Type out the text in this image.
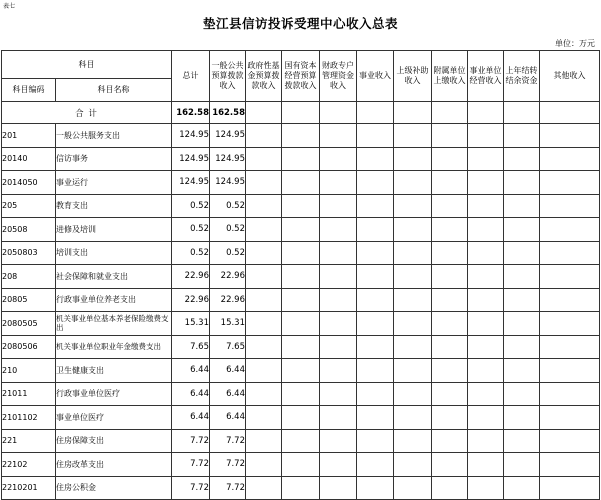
表七
垫江县信访投诉受理中心收入总表
单位：万元
科目		总计	一般公共预算拨款收入	政府性基金预算拨款收入	国有资本经营预算拨款收入	财政专户管理资金收入	事业收入	上级补助收入	附属单位上缴收入	事业单位经营收入	上年结转结余资金	其他收入
科目编码	科目名称											
合 计		162.58	162.58									
201	一般公共服务支出	124.95	124.95									
20140	信访事务	124.95	124.95									
2014050	事业运行	124.95	124.95									
205	教育支出	0.52	0.52									
20508	进修及培训	0.52	0.52									
2050803	培训支出	0.52	0.52									
208	社会保障和就业支出	22.96	22.96									
20805	行政事业单位养老支出	22.96	22.96									
2080505	机关事业单位基本养老保险缴费支出	15.31	15.31									
2080506	机关事业单位职业年金缴费支出	7.65	7.65									
210	卫生健康支出	6.44	6.44									
21011	行政事业单位医疗	6.44	6.44									
2101102	事业单位医疗	6.44	6.44									
221	住房保障支出	7.72	7.72									
22102	住房改革支出	7.72	7.72									
2210201	住房公积金	7.72	7.72									
